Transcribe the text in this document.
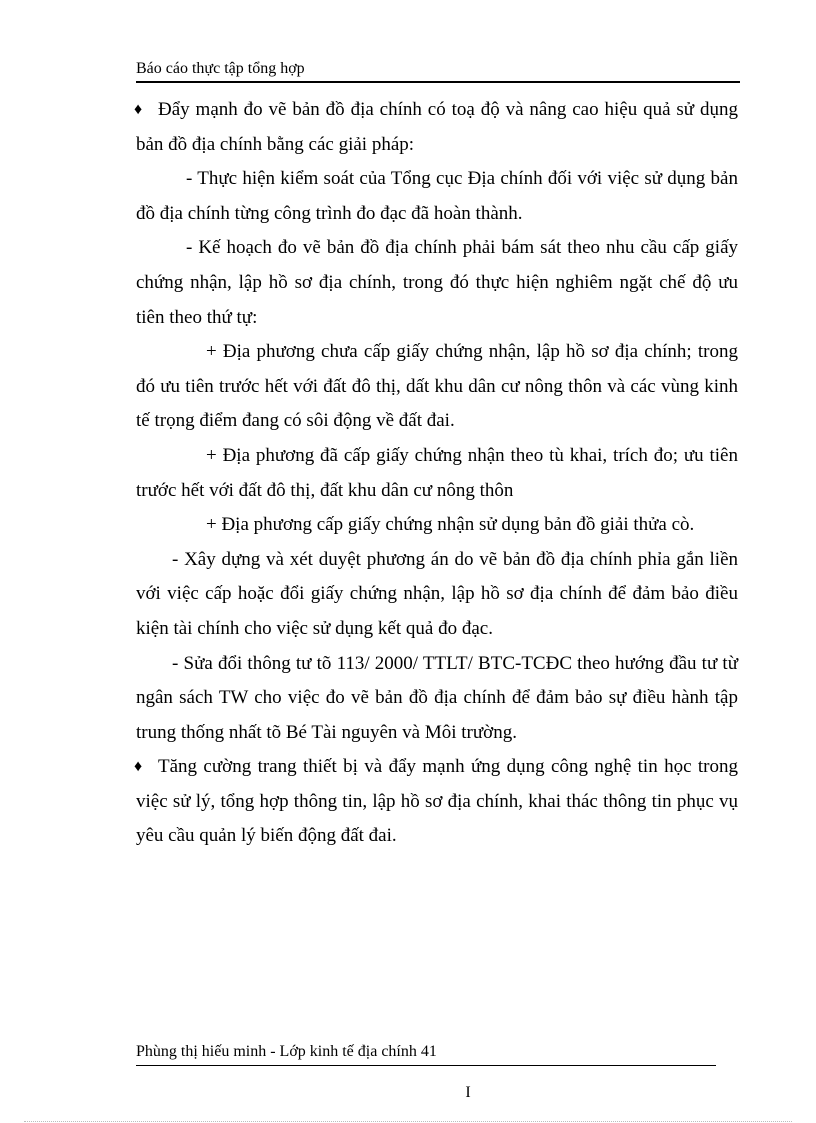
Báo cáo thực tập tổng hợp

♦ Đẩy mạnh đo vẽ bản đồ địa chính có toạ độ và nâng cao hiệu quả sử dụng bản đồ địa chính bằng các giải pháp:

- Thực hiện kiểm soát của Tổng cục Địa chính đối với việc sử dụng bản đồ địa chính từng công trình đo đạc đã hoàn thành.

- Kế hoạch đo vẽ bản đồ địa chính phải bám sát theo nhu cầu cấp giấy chứng nhận, lập hồ sơ địa chính, trong đó thực hiện nghiêm ngặt chế độ ưu tiên theo thứ tự:

+ Địa phương chưa cấp giấy chứng nhận, lập hồ sơ địa chính; trong đó ưu tiên trước hết với đất đô thị, dất khu dân cư nông thôn và các vùng kinh tế trọng điểm đang có sôi động về đất đai.

+ Địa phương đã cấp giấy chứng nhận theo tù khai, trích đo; ưu tiên trước hết với đất đô thị, đất khu dân cư nông thôn

+ Địa phương cấp giấy chứng nhận sử dụng bản đồ giải thửa cò.

- Xây dựng và xét duyệt phương án do vẽ bản đồ địa chính phỉa gắn liền với việc cấp hoặc đổi giấy chứng nhận, lập hồ sơ địa chính để đảm bảo điều kiện tài chính cho việc sử dụng kết quả đo đạc.

- Sửa đổi thông tư tõ 113/ 2000/ TTLT/ BTC-TCĐC theo hướng đầu tư từ ngân sách TW cho việc đo vẽ bản đồ địa chính để đảm bảo sự điều hành tập trung thống nhất tõ Bé Tài nguyên và Môi trường.

♦ Tăng cường trang thiết bị và đẩy mạnh ứng dụng công nghệ tin học trong việc sử lý, tổng hợp thông tin, lập hồ sơ địa chính, khai thác thông tin phục vụ yêu cầu quản lý biến động đất đai.

Phùng thị hiếu minh - Lớp kinh tế địa chính 41
I
